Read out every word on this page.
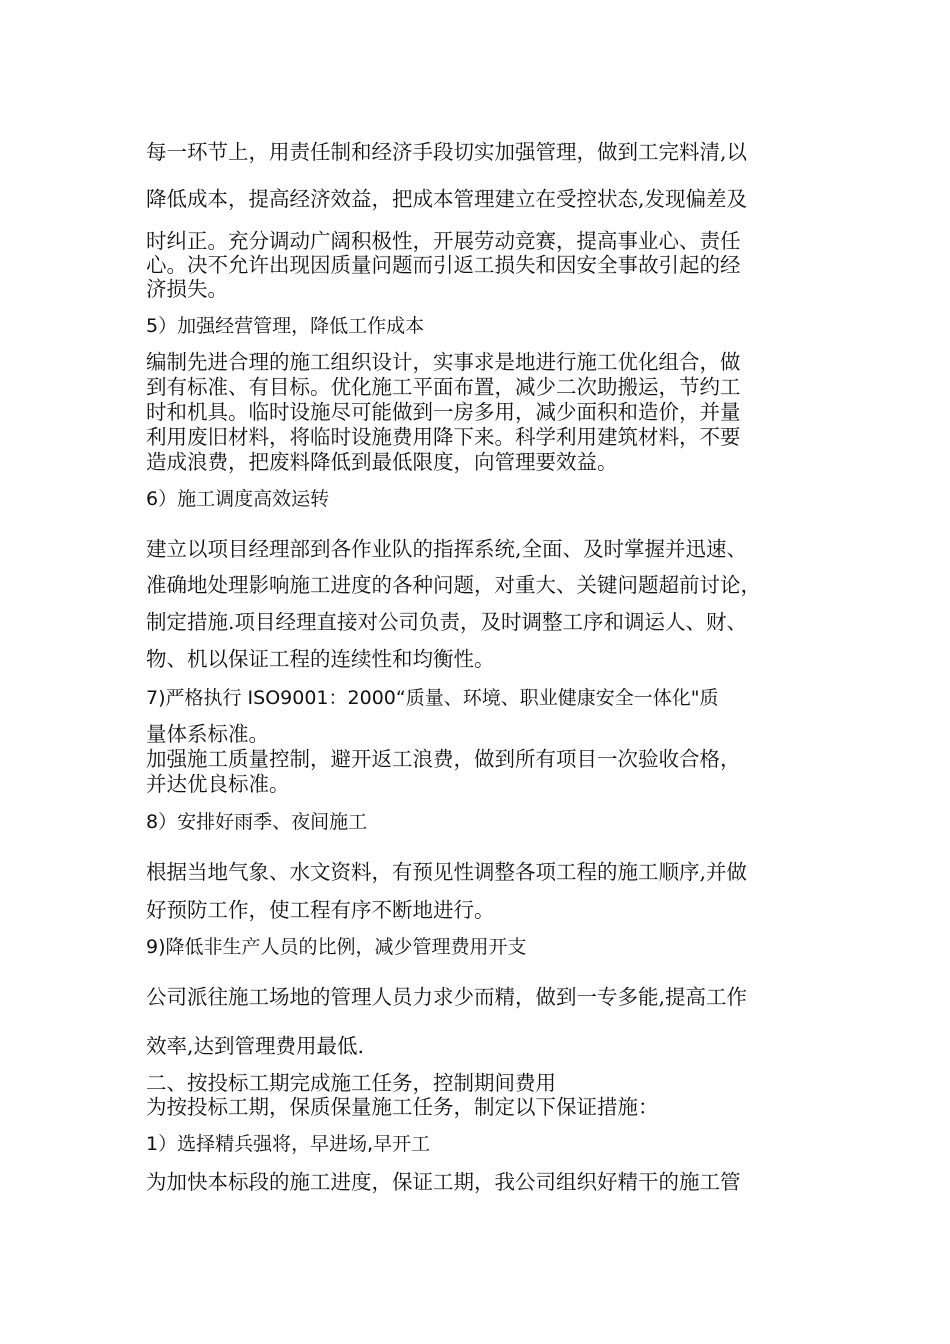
每一环节上，用责任制和经济手段切实加强管理，做到工完料清,以
降低成本，提高经济效益，把成本管理建立在受控状态,发现偏差及
时纠正。充分调动广阔积极性，开展劳动竞赛，提高事业心、责任
心。决不允许出现因质量问题而引返工损失和因安全事故引起的经
济损失。
5）加强经营管理，降低工作成本
编制先进合理的施工组织设计，实事求是地进行施工优化组合，做
到有标准、有目标。优化施工平面布置，减少二次助搬运，节约工
时和机具。临时设施尽可能做到一房多用，减少面积和造价，并量
利用废旧材料，将临时设施费用降下来。科学利用建筑材料，不要
造成浪费，把废料降低到最低限度，向管理要效益。
6）施工调度高效运转
建立以项目经理部到各作业队的指挥系统,全面、及时掌握并迅速、
准确地处理影响施工进度的各种问题，对重大、关键问题超前讨论，
制定措施.项目经理直接对公司负责，及时调整工序和调运人、财、
物、机以保证工程的连续性和均衡性。
7)严格执行 ISO9001：2000“质量、环境、职业健康安全一体化"质
量体系标准。
加强施工质量控制，避开返工浪费，做到所有项目一次验收合格，
并达优良标准。
8）安排好雨季、夜间施工
根据当地气象、水文资料，有预见性调整各项工程的施工顺序,并做
好预防工作，使工程有序不断地进行。
9)降低非生产人员的比例，减少管理费用开支
公司派往施工场地的管理人员力求少而精，做到一专多能,提高工作
效率,达到管理费用最低.
二、按投标工期完成施工任务，控制期间费用
为按投标工期，保质保量施工任务，制定以下保证措施：
1）选择精兵强将，早进场,早开工
为加快本标段的施工进度，保证工期，我公司组织好精干的施工管
